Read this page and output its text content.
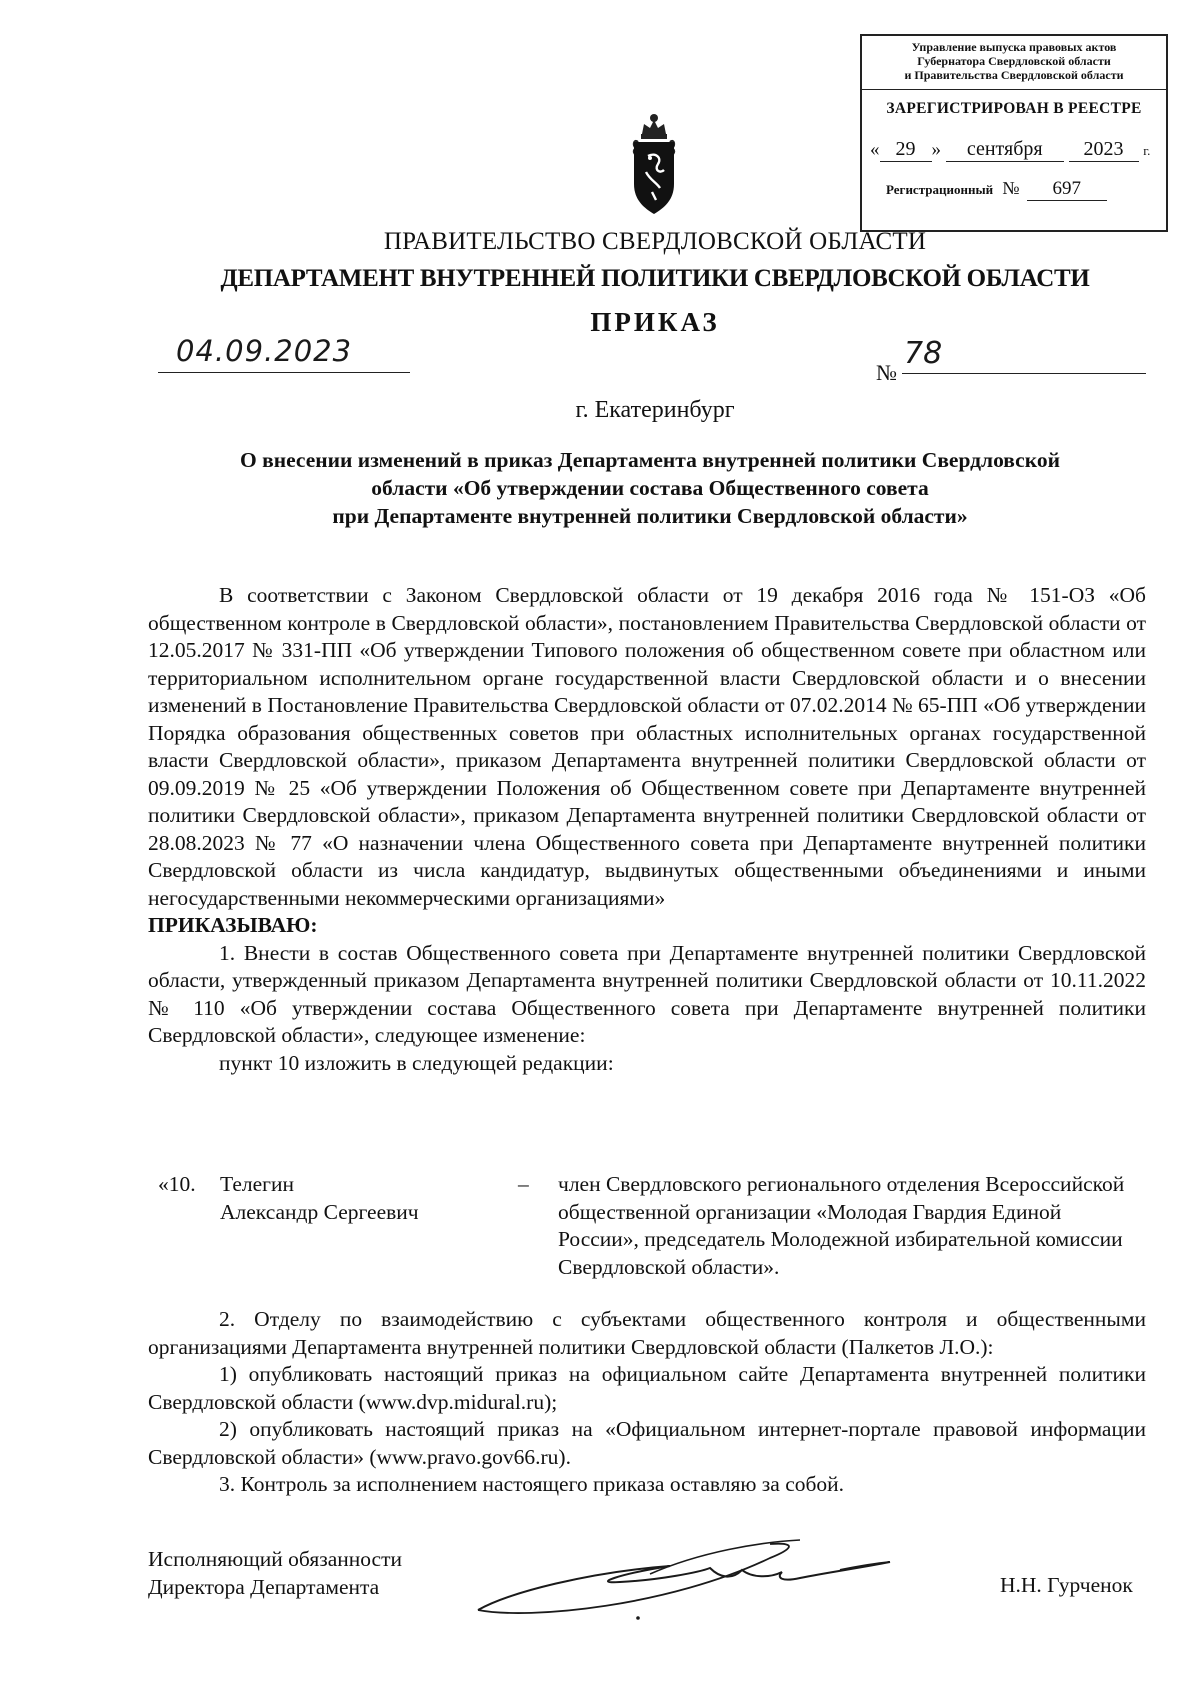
Управление выпуска правовых актов
Губернатора Свердловской области
и Правительства Свердловской области
ЗАРЕГИСТРИРОВАН В РЕЕСТРЕ
« 29 » сентября 2023 г.
Регистрационный № 697
ПРАВИТЕЛЬСТВО СВЕРДЛОВСКОЙ ОБЛАСТИ
ДЕПАРТАМЕНТ ВНУТРЕННЕЙ ПОЛИТИКИ СВЕРДЛОВСКОЙ ОБЛАСТИ
ПРИКАЗ
04.09.2023
№
78
г. Екатеринбург
О внесении изменений в приказ Департамента внутренней политики Свердловской
области «Об утверждении состава Общественного совета
при Департаменте внутренней политики Свердловской области»

В соответствии с Законом Свердловской области от 19 декабря 2016 года № 151-ОЗ «Об общественном контроле в Свердловской области», постановлением Правительства Свердловской области от 12.05.2017 № 331-ПП «Об утверждении Типового положения об общественном совете при областном или территориальном исполнительном органе государственной власти Свердловской области и о внесении изменений в Постановление Правительства Свердловской области от 07.02.2014 № 65-ПП «Об утверждении Порядка образования общественных советов при областных исполнительных органах государственной власти Свердловской области», приказом Департамента внутренней политики Свердловской области от 09.09.2019 № 25 «Об утверждении Положения об Общественном совете при Департаменте внутренней политики Свердловской области», приказом Департамента внутренней политики Свердловской области от 28.08.2023 № 77 «О назначении члена Общественного совета при Департаменте внутренней политики Свердловской области из числа кандидатур, выдвинутых общественными объединениями и иными негосударственными некоммерческими организациями»

ПРИКАЗЫВАЮ:

1. Внести в состав Общественного совета при Департаменте внутренней политики Свердловской области, утвержденный приказом Департамента внутренней политики Свердловской области от 10.11.2022 № 110 «Об утверждении состава Общественного совета при Департаменте внутренней политики Свердловской области», следующее изменение:

пункт 10 изложить в следующей редакции:

«10. Телегин
Александр Сергеевич
– член Свердловского регионального отделения Всероссийской общественной организации «Молодая Гвардия Единой России», председатель Молодежной избирательной комиссии Свердловской области».

2. Отделу по взаимодействию с субъектами общественного контроля и общественными организациями Департамента внутренней политики Свердловской области (Палкетов Л.О.):

1) опубликовать настоящий приказ на официальном сайте Департамента внутренней политики Свердловской области (www.dvp.midural.ru);

2) опубликовать настоящий приказ на «Официальном интернет-портале правовой информации Свердловской области» (www.pravo.gov66.ru).

3. Контроль за исполнением настоящего приказа оставляю за собой.

Исполняющий обязанности
Директора Департамента	Н.Н. Гурченок
